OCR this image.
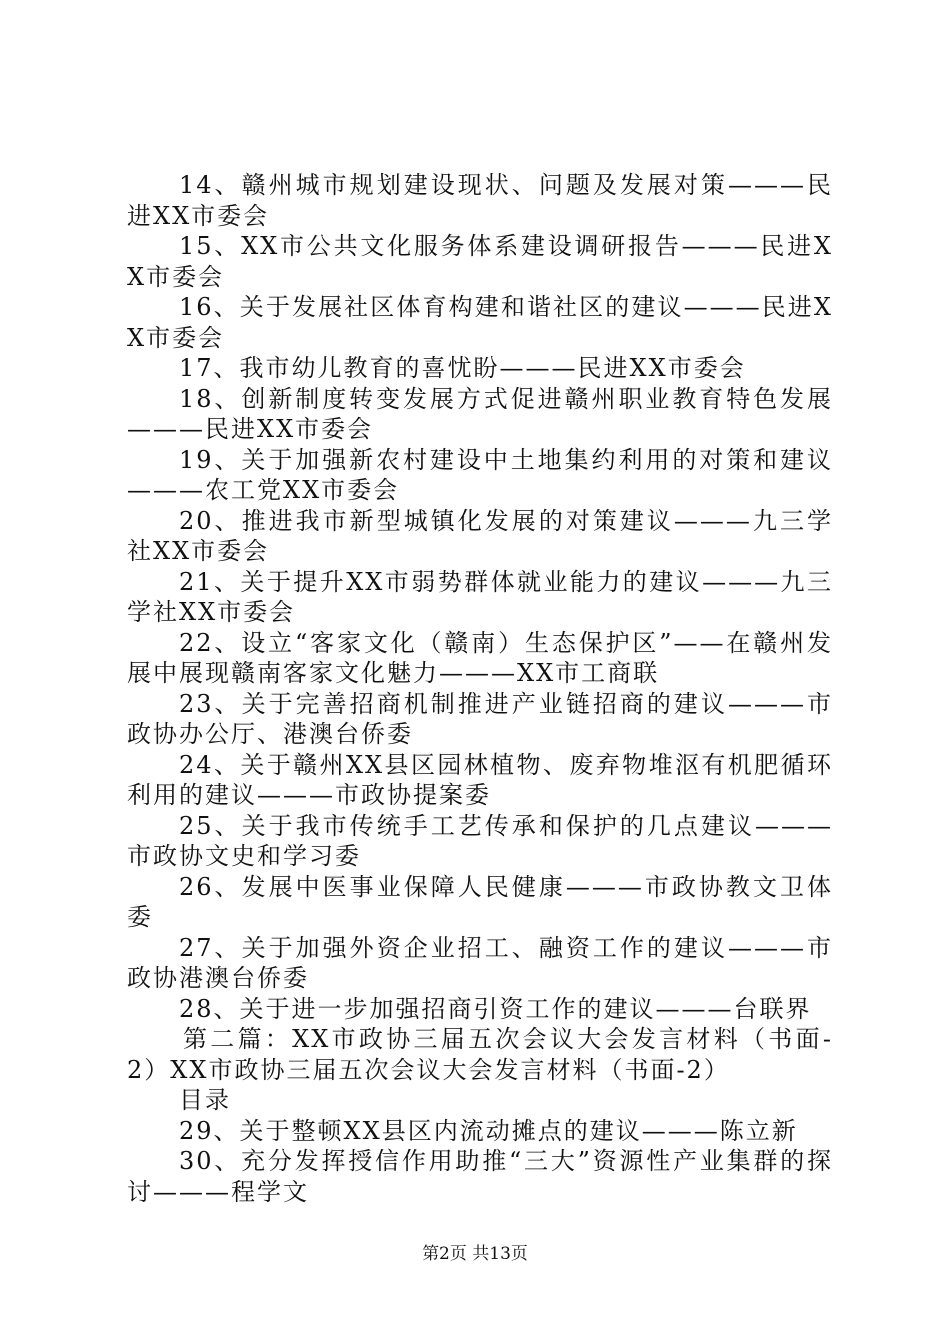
14、赣州城市规划建设现状、问题及发展对策———民进XX市委会

15、XX市公共文化服务体系建设调研报告———民进XX市委会

16、关于发展社区体育构建和谐社区的建议———民进XX市委会

17、我市幼儿教育的喜忧盼———民进XX市委会

18、创新制度转变发展方式促进赣州职业教育特色发展———民进XX市委会

19、关于加强新农村建设中土地集约利用的对策和建议———农工党XX市委会

20、推进我市新型城镇化发展的对策建议———九三学社XX市委会

21、关于提升XX市弱势群体就业能力的建议———九三学社XX市委会

22、设立“客家文化（赣南）生态保护区”——在赣州发展中展现赣南客家文化魅力———XX市工商联

23、关于完善招商机制推进产业链招商的建议———市政协办公厅、港澳台侨委

24、关于赣州XX县区园林植物、废弃物堆沤有机肥循环利用的建议———市政协提案委

25、关于我市传统手工艺传承和保护的几点建议———市政协文史和学习委

26、发展中医事业保障人民健康———市政协教文卫体委

27、关于加强外资企业招工、融资工作的建议———市政协港澳台侨委

28、关于进一步加强招商引资工作的建议———台联界

第二篇：XX市政协三届五次会议大会发言材料（书面-2）XX市政协三届五次会议大会发言材料（书面-2）

目录

29、关于整顿XX县区内流动摊点的建议———陈立新

30、充分发挥授信作用助推“三大”资源性产业集群的探讨———程学文

第2页 共13页
